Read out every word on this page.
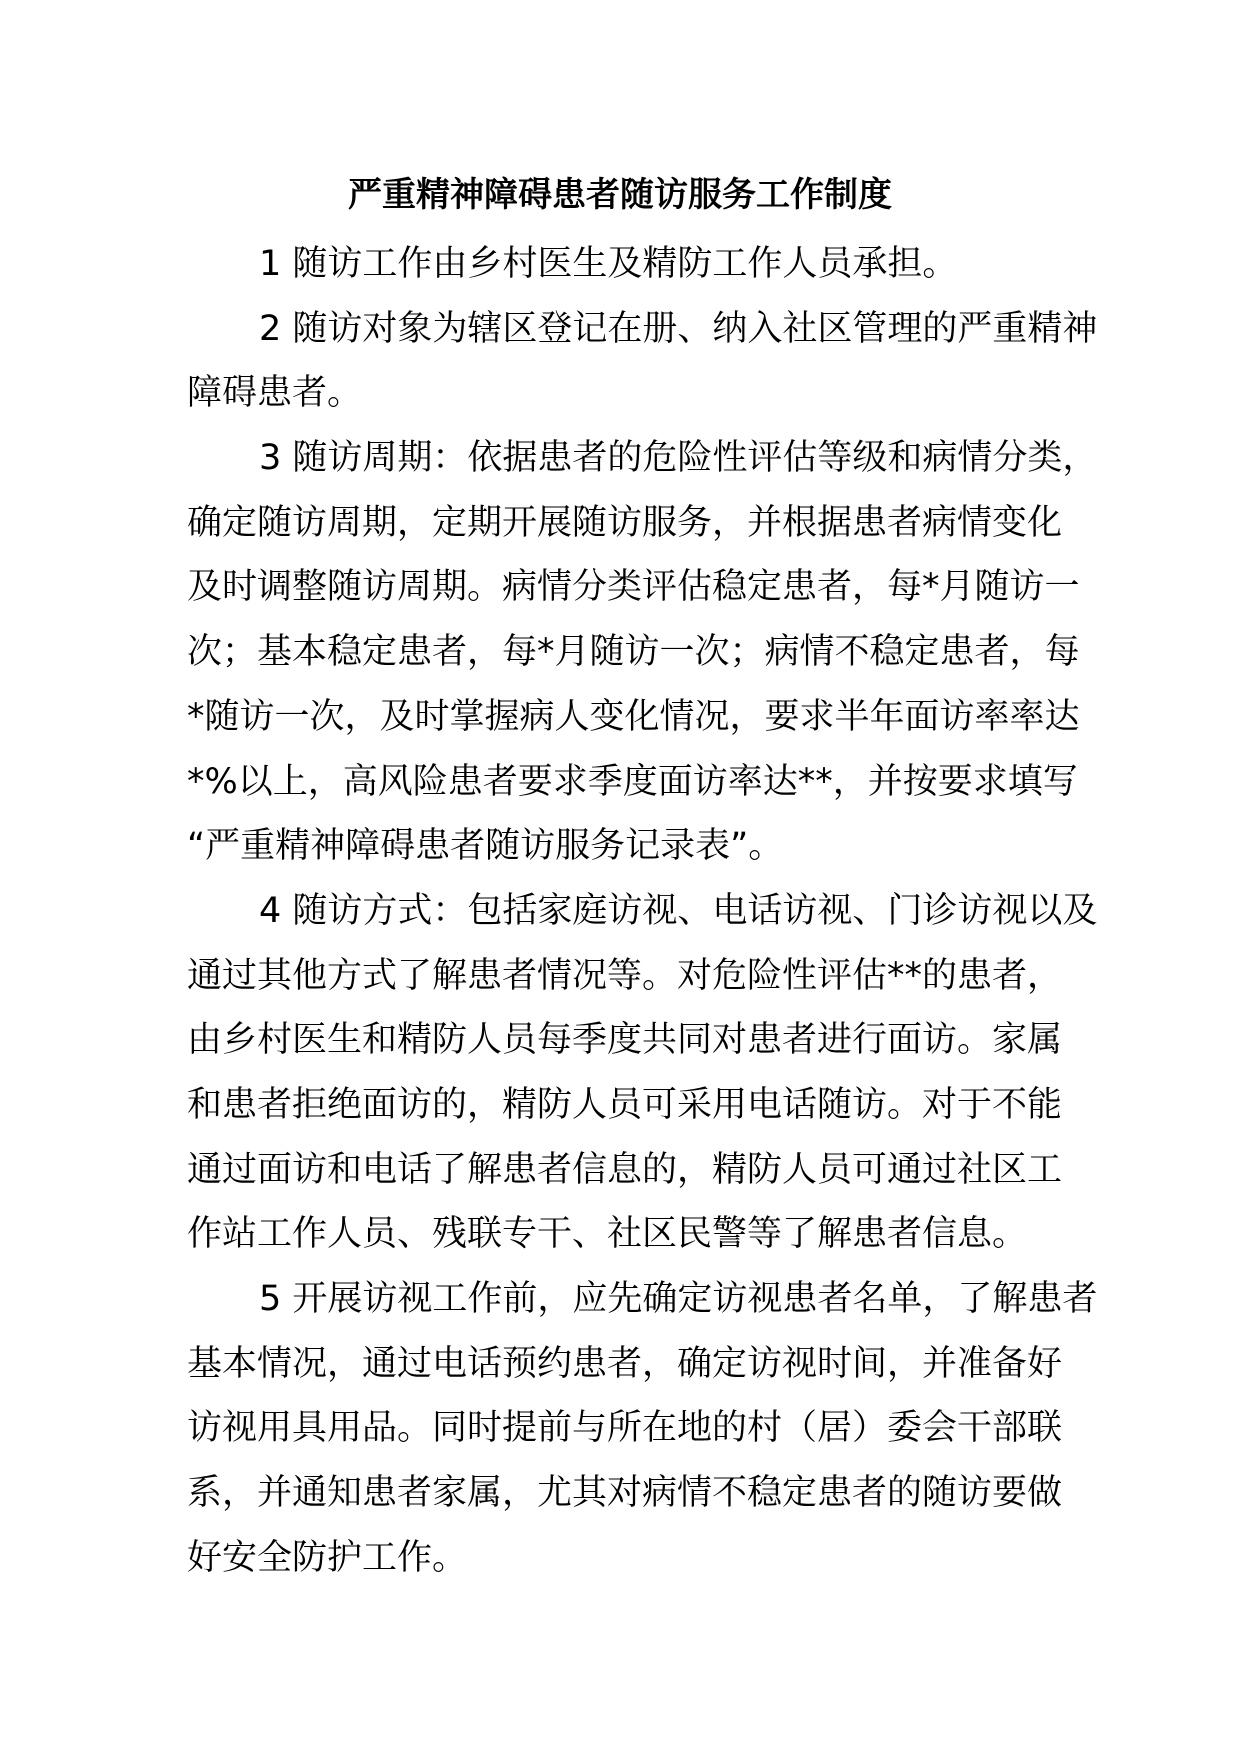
严重精神障碍患者随访服务工作制度
1 随访工作由乡村医生及精防工作人员承担。
2 随访对象为辖区登记在册、纳入社区管理的严重精神
障碍患者。
3 随访周期：依据患者的危险性评估等级和病情分类，
确定随访周期，定期开展随访服务，并根据患者病情变化
及时调整随访周期。病情分类评估稳定患者，每*月随访一
次；基本稳定患者，每*月随访一次；病情不稳定患者，每
*随访一次，及时掌握病人变化情况，要求半年面访率率达
*%以上，高风险患者要求季度面访率达**，并按要求填写
“严重精神障碍患者随访服务记录表”。
4 随访方式：包括家庭访视、电话访视、门诊访视以及
通过其他方式了解患者情况等。对危险性评估**的患者，
由乡村医生和精防人员每季度共同对患者进行面访。家属
和患者拒绝面访的，精防人员可采用电话随访。对于不能
通过面访和电话了解患者信息的，精防人员可通过社区工
作站工作人员、残联专干、社区民警等了解患者信息。
5 开展访视工作前，应先确定访视患者名单，了解患者
基本情况，通过电话预约患者，确定访视时间，并准备好
访视用具用品。同时提前与所在地的村（居）委会干部联
系，并通知患者家属，尤其对病情不稳定患者的随访要做
好安全防护工作。
